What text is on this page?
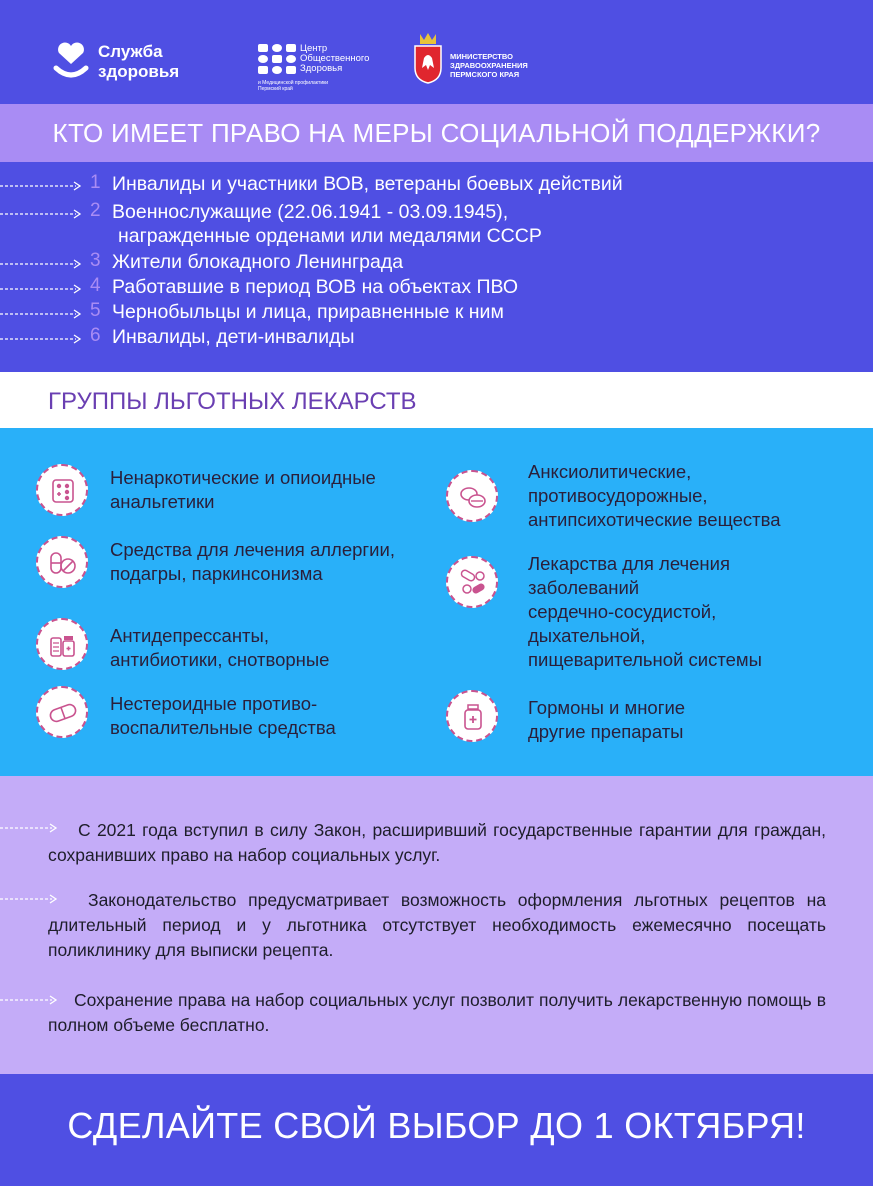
Служба
здоровья
Центр
Общественного
Здоровья
и Медицинской профилактики
Пермский край
МИНИСТЕРСТВО
ЗДРАВООХРАНЕНИЯ
ПЕРМСКОГО КРАЯ
КТО ИМЕЕТ ПРАВО НА МЕРЫ СОЦИАЛЬНОЙ ПОДДЕРЖКИ?
1 Инвалиды и участники ВОВ, ветераны боевых действий
2 Военнослужащие (22.06.1941 - 03.09.1945),
награжденные орденами или медалями СССР
3 Жители блокадного Ленинграда
4 Работавшие в период ВОВ на объектах ПВО
5 Чернобыльцы и лица, приравненные к ним
6 Инвалиды, дети-инвалиды
ГРУППЫ ЛЬГОТНЫХ ЛЕКАРСТВ
Ненаркотические и опиоидные
анальгетики
Средства для лечения аллергии,
подагры, паркинсонизма
Антидепрессанты,
антибиотики, снотворные
Нестероидные противо-
воспалительные средства
Анксиолитические,
противосудорожные,
антипсихотические вещества
Лекарства для лечения
заболеваний
сердечно-сосудистой,
дыхательной,
пищеварительной системы
Гормоны и многие
другие препараты
С 2021 года вступил в силу Закон, расширивший государственные гарантии для граждан, сохранивших право на набор социальных услуг.
Законодательство предусматривает возможность оформления льготных рецептов на длительный период и у льготника отсутствует необходимость ежемесячно посещать поликлинику для выписки рецепта.
Сохранение права на набор социальных услуг позволит получить лекарственную помощь в полном объеме бесплатно.
СДЕЛАЙТЕ СВОЙ ВЫБОР ДО 1 ОКТЯБРЯ!
